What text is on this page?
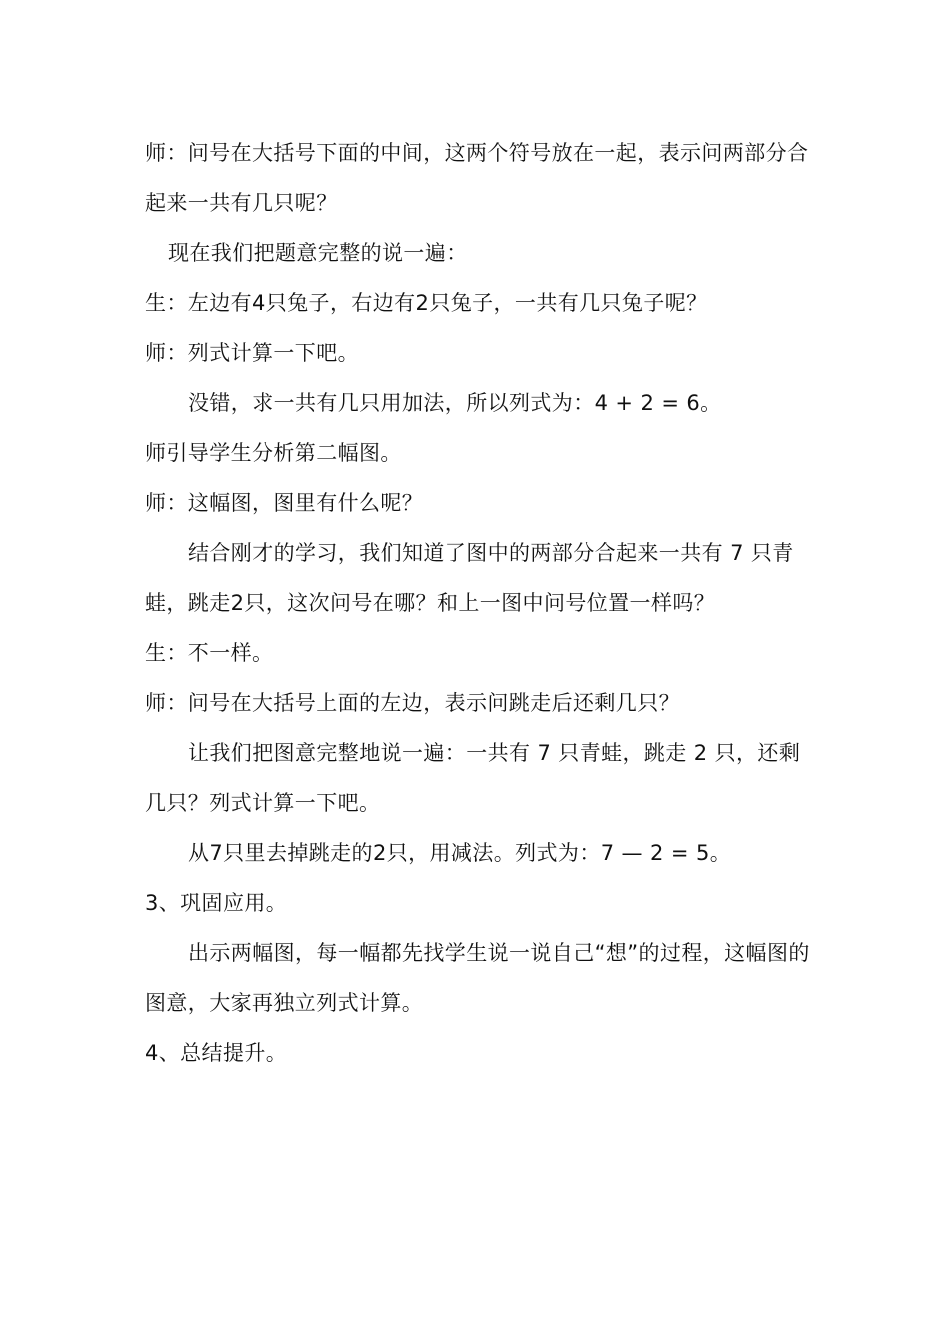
师：问号在大括号下面的中间，这两个符号放在一起，表示问两部分合起来一共有几只呢？

现在我们把题意完整的说一遍：

生：左边有4只兔子，右边有2只兔子，一共有几只兔子呢？

师：列式计算一下吧。

没错，求一共有几只用加法，所以列式为：4 + 2 = 6。

师引导学生分析第二幅图。

师：这幅图，图里有什么呢？

结合刚才的学习，我们知道了图中的两部分合起来一共有 7 只青蛙，跳走2只，这次问号在哪？和上一图中问号位置一样吗？

生：不一样。

师：问号在大括号上面的左边，表示问跳走后还剩几只？

让我们把图意完整地说一遍：一共有 7 只青蛙，跳走 2 只，还剩几只？列式计算一下吧。

从7只里去掉跳走的2只，用减法。列式为：7 — 2 = 5。

3、巩固应用。

出示两幅图，每一幅都先找学生说一说自己“想”的过程，这幅图的图意，大家再独立列式计算。

4、总结提升。
